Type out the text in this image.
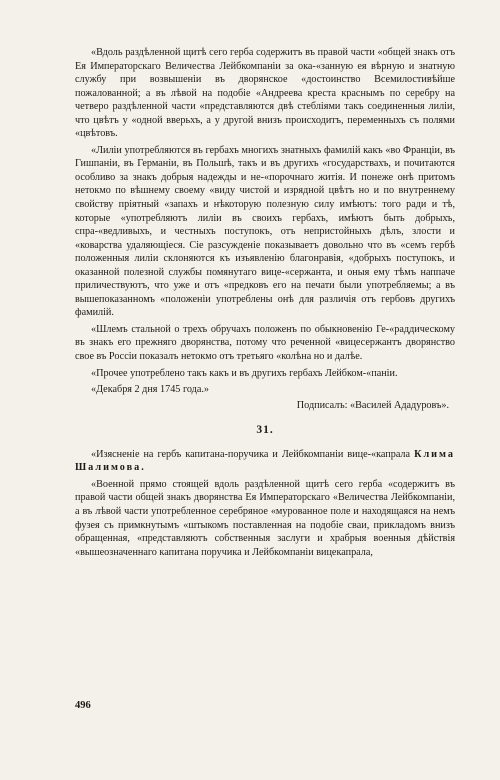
«Вдоль раздѣленной щитѣ сего герба содержитъ въ правой части «общей знакъ отъ Ея Императорскаго Величества Лейбкомпаніи за ока-«занную ея вѣрную и знатную службу при возвышеніи въ дворянское «достоинство Всемилостивѣйше пожалованной; а въ лѣвой на подобіе «Андреева креста краснымъ по серебру на четверо раздѣленной части «представляются двѣ стебліями такъ соединенныя лиліи, что цвѣтъ у «одной вверьхъ, а у другой внизъ происходитъ, переменныхъ съ полями «цвѣтовъ.

«Лиліи употребляются въ гербахъ многихъ знатныхъ фамилій какъ «во Франціи, въ Гишпаніи, въ Германіи, въ Польшѣ, такъ и въ другихъ «государствахъ, и почитаются особливо за знакъ добрыя надежды и не-«порочнаго житія. И понеже онѣ притомъ нетокмо по вѣшнему своему «виду чистой и изрядной цвѣтъ но и по внутреннему свойству пріятный «запахъ и нѣкоторую полезную силу имѣютъ: того ради и тѣ, которые «употребляютъ лиліи въ своихъ гербахъ, имѣютъ быть добрыхъ, спра-«ведливыхъ, и честныхъ поступокъ, отъ непристойныхъ дѣлъ, злости и «коварства удаляющіеся. Сіе разсужденіе показываетъ довольно что въ «семъ гербѣ положенныя лиліи склоняются къ изъявленію благонравія, «добрыхъ поступокъ, и оказанной полезной службы помянутаго вице-«сержанта, и оныя ему тѣмъ наппаче приличествуютъ, что уже и отъ «предковъ его на печати были употребляемы; а въ вышепоказанномъ «положеніи употреблены онѣ для различія отъ гербовъ другихъ фамилій.

«Шлемъ стальной о трехъ обручахъ положенъ по обыкновенію Ге-«раддическому въ знакъ его прежняго дворянства, потому что реченной «вицесержантъ дворянство свое въ Россіи показалъ нетокмо отъ третьяго «колѣна но и далѣе.

«Прочее употреблено такъ какъ и въ другихъ гербахъ Лейбком-«паніи.

«Декабря 2 дня 1745 года.»

Подписалъ: «Василей Ададуровъ».

31.

«Изясненіе на гербъ капитана-поручика и Лейбкомпаніи вице-«капрала Клима Шалимова.

«Военной прямо стоящей вдоль раздѣленной щитѣ сего герба «содержитъ въ правой части общей знакъ дворянства Ея Императорскаго «Величества Лейбкомпаніи, а въ лѣвой части употребленное серебряное «мурованное поле и находящаяся на немъ фузея съ примкнутымъ «штыкомъ поставленная на подобіе сваи, прикладомъ внизъ обращенная, «представляютъ собственныя заслуги и храбрыя военныя дѣйствія «вышеозначеннаго капитана поручика и Лейбкомпаніи вицекапрала,

496
